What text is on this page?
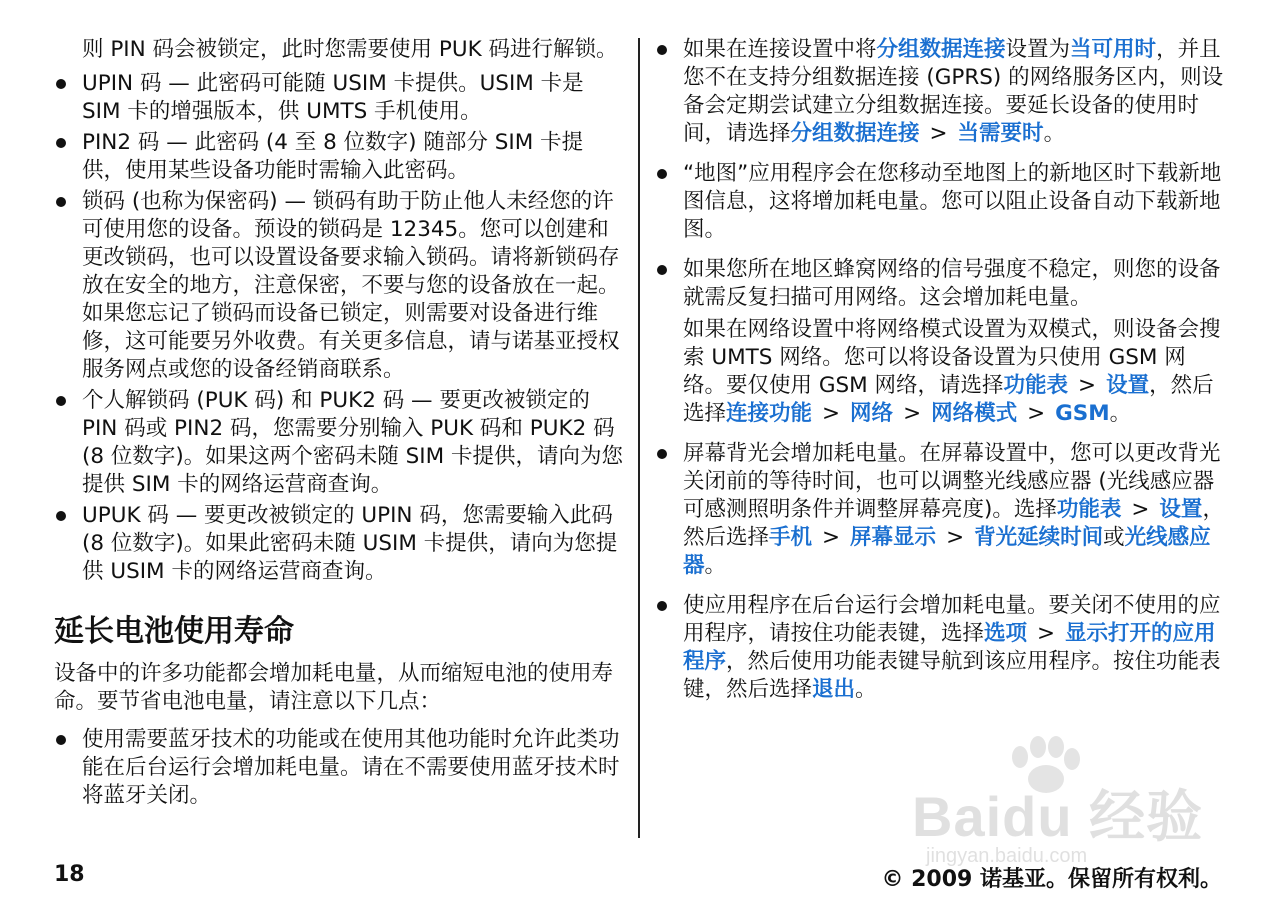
则 PIN 码会被锁定，此时您需要使用 PUK 码进行解锁。
UPIN 码 — 此密码可能随 USIM 卡提供。USIM 卡是 SIM 卡的增强版本，供 UMTS 手机使用。
PIN2 码 — 此密码 (4 至 8 位数字) 随部分 SIM 卡提供，使用某些设备功能时需输入此密码。
锁码 (也称为保密码) — 锁码有助于防止他人未经您的许可使用您的设备。预设的锁码是 12345。您可以创建和更改锁码，也可以设置设备要求输入锁码。请将新锁码存放在安全的地方，注意保密，不要与您的设备放在一起。如果您忘记了锁码而设备已锁定，则需要对设备进行维修，这可能要另外收费。有关更多信息，请与诺基亚授权服务网点或您的设备经销商联系。
个人解锁码 (PUK 码) 和 PUK2 码 — 要更改被锁定的 PIN 码或 PIN2 码，您需要分别输入 PUK 码和 PUK2 码 (8 位数字)。如果这两个密码未随 SIM 卡提供，请向为您提供 SIM 卡的网络运营商查询。
UPUK 码 — 要更改被锁定的 UPIN 码，您需要输入此码 (8 位数字)。如果此密码未随 USIM 卡提供，请向为您提供 USIM 卡的网络运营商查询。
延长电池使用寿命
设备中的许多功能都会增加耗电量，从而缩短电池的使用寿命。要节省电池电量，请注意以下几点：
使用需要蓝牙技术的功能或在使用其他功能时允许此类功能在后台运行会增加耗电量。请在不需要使用蓝牙技术时将蓝牙关闭。
如果在连接设置中将分组数据连接设置为当可用时，并且您不在支持分组数据连接 (GPRS) 的网络服务区内，则设备会定期尝试建立分组数据连接。要延长设备的使用时间，请选择分组数据连接 > 当需要时。
“地图”应用程序会在您移动至地图上的新地区时下载新地图信息，这将增加耗电量。您可以阻止设备自动下载新地图。
如果您所在地区蜂窝网络的信号强度不稳定，则您的设备就需反复扫描可用网络。这会增加耗电量。
如果在网络设置中将网络模式设置为双模式，则设备会搜索 UMTS 网络。您可以将设备设置为只使用 GSM 网络。要仅使用 GSM 网络，请选择功能表 > 设置，然后选择连接功能 > 网络 > 网络模式 > GSM。
屏幕背光会增加耗电量。在屏幕设置中，您可以更改背光关闭前的等待时间，也可以调整光线感应器 (光线感应器可感测照明条件并调整屏幕亮度)。选择功能表 > 设置，然后选择手机 > 屏幕显示 > 背光延续时间或光线感应器。
使应用程序在后台运行会增加耗电量。要关闭不使用的应用程序，请按住功能表键，选择选项 > 显示打开的应用程序，然后使用功能表键导航到该应用程序。按住功能表键，然后选择退出。
Baidu 经验
jingyan.baidu.com
18	© 2009 诺基亚。保留所有权利。
